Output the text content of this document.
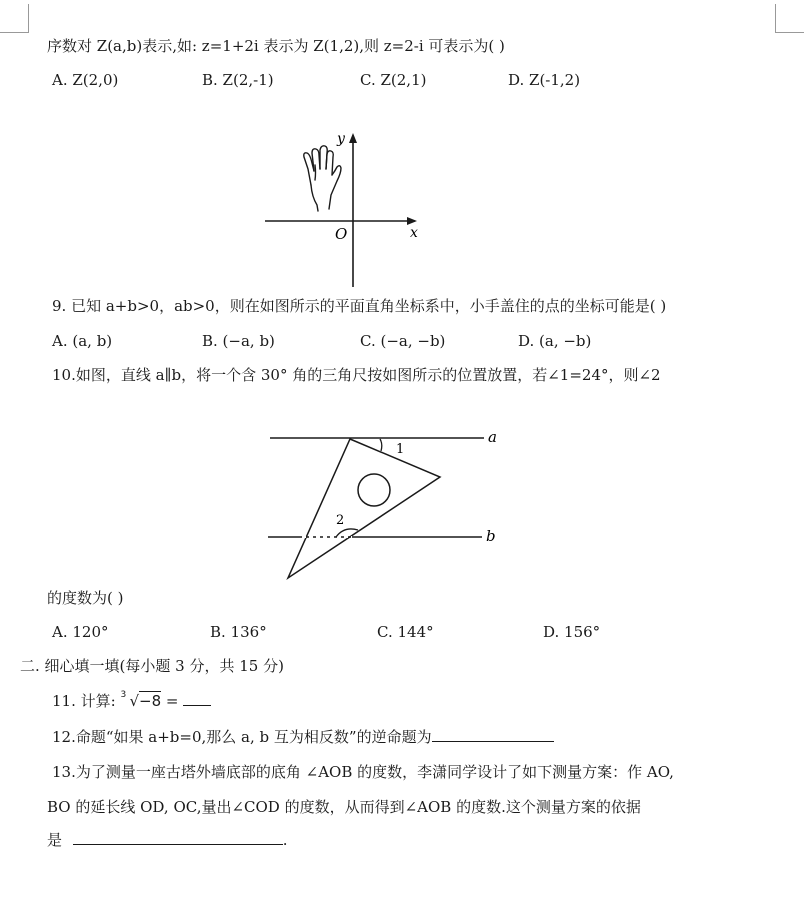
序数对 Z(a,b)表示,如: z=1+2i 表示为 Z(1,2),则 z=2-i 可表示为( )
A. Z(2,0)	B. Z(2,-1)	C. Z(2,1)	D. Z(-1,2)
y
x
O
9. 已知 a+b>0，ab>0，则在如图所示的平面直角坐标系中，小手盖住的点的坐标可能是( )
A. (a, b)	B. (−a, b)	C. (−a, −b)	D. (a, −b)
10.如图，直线 a∥b，将一个含 30° 角的三角尺按如图所示的位置放置，若∠1=24°，则∠2
a
b
1
2
的度数为( )
A. 120°	B. 136°	C. 144°	D. 156°
二. 细心填一填(每小题 3 分，共 15 分)
11. 计算: 3 √−8 =
12.命题“如果 a+b=0,那么 a, b 互为相反数”的逆命题为
13.为了测量一座古塔外墙底部的底角 ∠AOB 的度数，李潇同学设计了如下测量方案：作 AO,
BO 的延长线 OD, OC,量出∠COD 的度数，从而得到∠AOB 的度数.这个测量方案的依据
是	.
